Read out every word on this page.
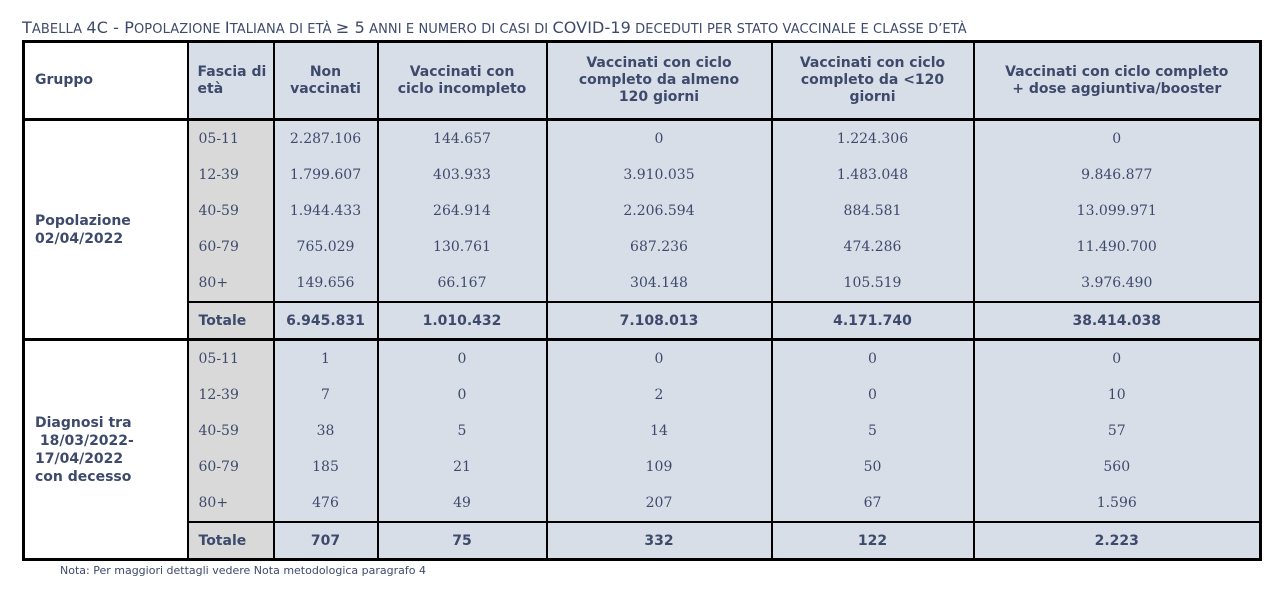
TABELLA 4C - POPOLAZIONE ITALIANA DI ETÀ ≥ 5 ANNI E NUMERO DI CASI DI COVID-19 DECEDUTI PER STATO VACCINALE E CLASSE D’ETÀ
Gruppo	Fascia di età	Non vaccinati	Vaccinati con ciclo incompleto	Vaccinati con ciclo completo da almeno 120 giorni	Vaccinati con ciclo completo da <120 giorni	Vaccinati con ciclo completo + dose aggiuntiva/booster

Popolazione 02/04/2022	05-11	2.287.106	144.657	0	1.224.306	0
	12-39	1.799.607	403.933	3.910.035	1.483.048	9.846.877
	40-59	1.944.433	264.914	2.206.594	884.581	13.099.971
	60-79	765.029	130.761	687.236	474.286	11.490.700
	80+	149.656	66.167	304.148	105.519	3.976.490
	Totale	6.945.831	1.010.432	7.108.013	4.171.740	38.414.038

Diagnosi tra
18/03/2022-
17/04/2022
con decesso	05-11	1	0	0	0	0
	12-39	7	0	2	0	10
	40-59	38	5	14	5	57
	60-79	185	21	109	50	560
	80+	476	49	207	67	1.596
	Totale	707	75	332	122	2.223
Nota: Per maggiori dettagli vedere Nota metodologica paragrafo 4
